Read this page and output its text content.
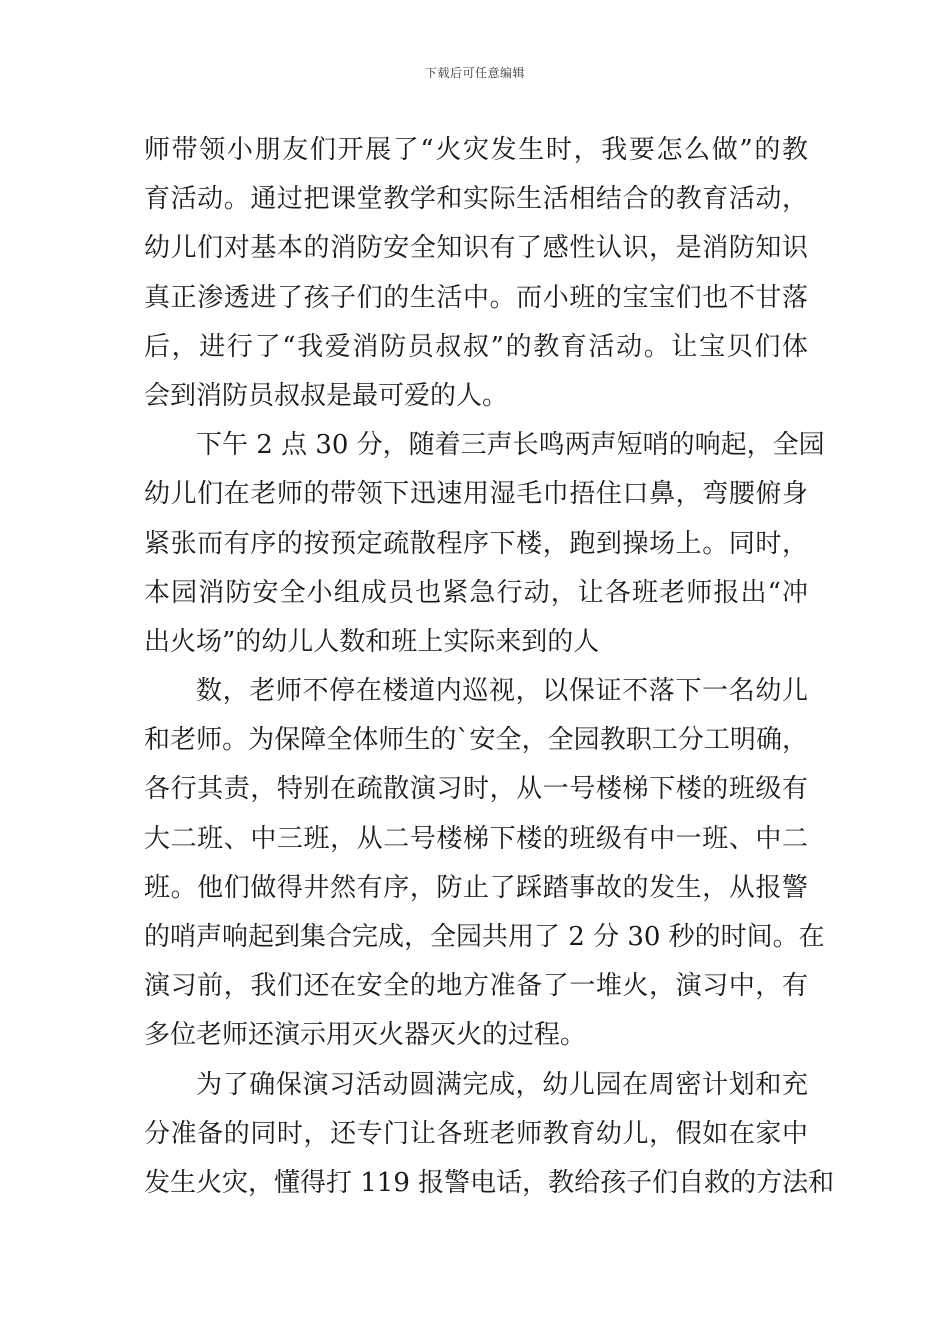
下载后可任意编辑
师带领小朋友们开展了“火灾发生时，我要怎么做”的教
育活动。通过把课堂教学和实际生活相结合的教育活动，
幼儿们对基本的消防安全知识有了感性认识，是消防知识
真正渗透进了孩子们的生活中。而小班的宝宝们也不甘落
后，进行了“我爱消防员叔叔”的教育活动。让宝贝们体
会到消防员叔叔是最可爱的人。
下午 2 点 30 分，随着三声长鸣两声短哨的响起，全园
幼儿们在老师的带领下迅速用湿毛巾捂住口鼻，弯腰俯身
紧张而有序的按预定疏散程序下楼，跑到操场上。同时，
本园消防安全小组成员也紧急行动，让各班老师报出“冲
出火场”的幼儿人数和班上实际来到的人
数，老师不停在楼道内巡视，以保证不落下一名幼儿
和老师。为保障全体师生的`安全，全园教职工分工明确，
各行其责，特别在疏散演习时，从一号楼梯下楼的班级有
大二班、中三班，从二号楼梯下楼的班级有中一班、中二
班。他们做得井然有序，防止了踩踏事故的发生，从报警
的哨声响起到集合完成，全园共用了 2 分 30 秒的时间。在
演习前，我们还在安全的地方准备了一堆火，演习中，有
多位老师还演示用灭火器灭火的过程。
为了确保演习活动圆满完成，幼儿园在周密计划和充
分准备的同时，还专门让各班老师教育幼儿，假如在家中
发生火灾，懂得打 119 报警电话，教给孩子们自救的方法和
